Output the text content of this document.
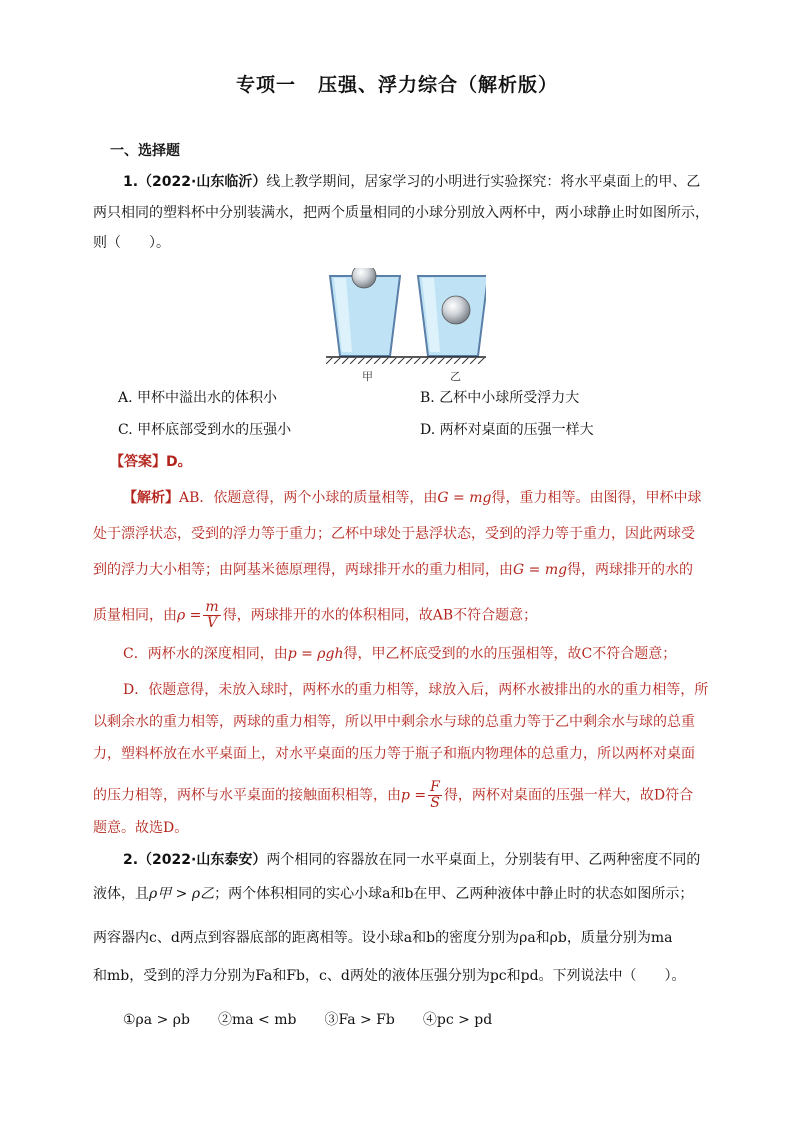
专项一 压强、浮力综合（解析版）
一、选择题
1.（2022·山东临沂）线上教学期间，居家学习的小明进行实验探究：将水平桌面上的甲、乙
两只相同的塑料杯中分别装满水，把两个质量相同的小球分别放入两杯中，两小球静止时如图所示，
则（　　）。
甲	乙
A. 甲杯中溢出水的体积小	B. 乙杯中小球所受浮力大
C. 甲杯底部受到水的压强小	D. 两杯对桌面的压强一样大
【答案】D。
【解析】AB．依题意得，两个小球的质量相等，由G = mg得，重力相等。由图得，甲杯中球
处于漂浮状态，受到的浮力等于重力；乙杯中球处于悬浮状态，受到的浮力等于重力，因此两球受
到的浮力大小相等；由阿基米德原理得，两球排开水的重力相同，由G = mg得，两球排开的水的
质量相同，由$\rho = \frac{m}{V}$ 得，两球排开的水的体积相同，故AB不符合题意；
C．两杯水的深度相同，由p = ρgh得，甲乙杯底受到的水的压强相等，故C不符合题意；
D．依题意得，未放入球时，两杯水的重力相等，球放入后，两杯水被排出的水的重力相等，所
以剩余水的重力相等，两球的重力相等，所以甲中剩余水与球的总重力等于乙中剩余水与球的总重
力，塑料杯放在水平桌面上，对水平桌面的压力等于瓶子和瓶内物理体的总重力，所以两杯对桌面
的压力相等，两杯与水平桌面的接触面积相等，由$p = \frac{F}{S}$ 得，两杯对桌面的压强一样大，故D符合
题意。故选D。
2.（2022·山东泰安）两个相同的容器放在同一水平桌面上，分别装有甲、乙两种密度不同的
液体，且ρ甲 > ρ乙；两个体积相同的实心小球a和b在甲、乙两种液体中静止时的状态如图所示；
两容器内c、d两点到容器底部的距离相等。设小球a和b的密度分别为ρa和ρb，质量分别为ma
和mb，受到的浮力分别为Fa和Fb，c、d两处的液体压强分别为pc和pd。下列说法中（　　）。
①ρa > ρb　　②ma < mb　　③Fa > Fb　　④pc > pd
